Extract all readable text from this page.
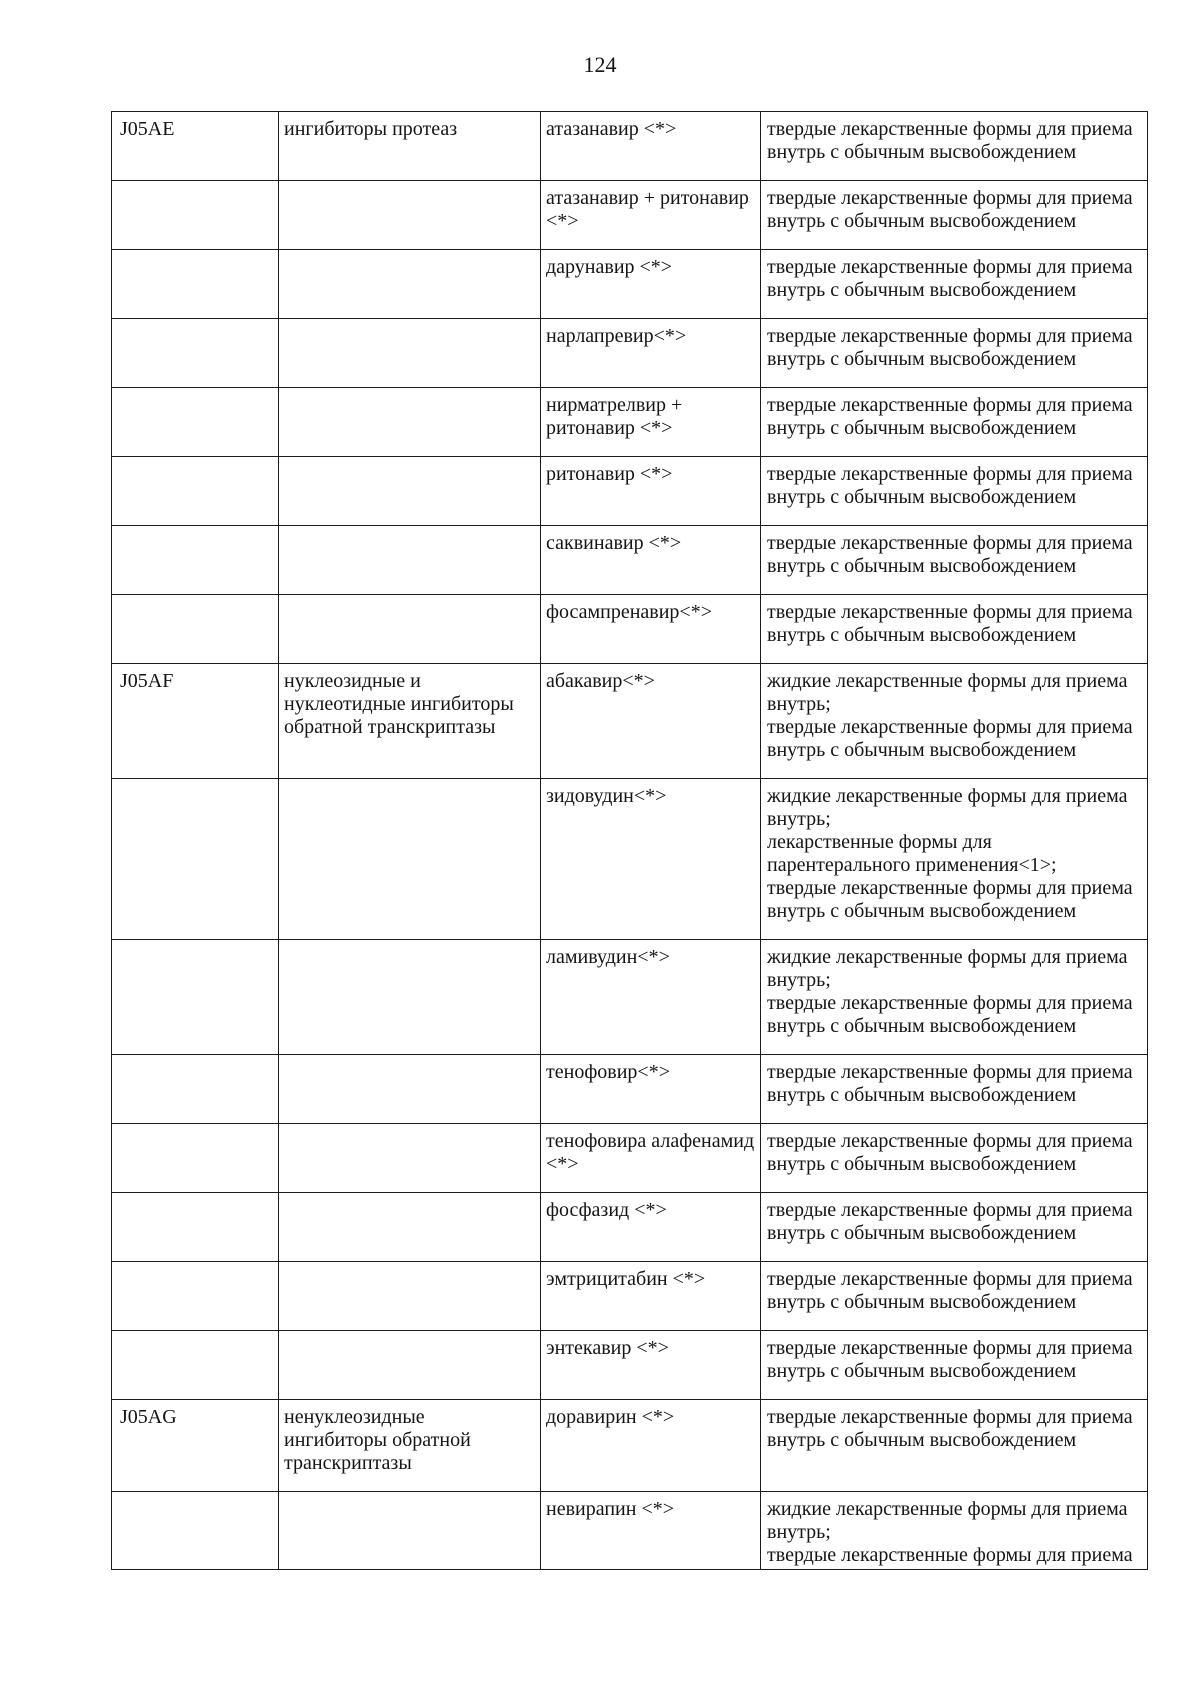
124
J05AE	ингибиторы протеаз	атазанавир <*>	твердые лекарственные формы для приема внутрь с обычным высвобождением

		атазанавир + ритонавир <*>	твердые лекарственные формы для приема внутрь с обычным высвобождением

		дарунавир <*>	твердые лекарственные формы для приема внутрь с обычным высвобождением

		нарлапревир<*>	твердые лекарственные формы для приема внутрь с обычным высвобождением

		нирматрелвир + ритонавир <*>	твердые лекарственные формы для приема внутрь с обычным высвобождением

		ритонавир <*>	твердые лекарственные формы для приема внутрь с обычным высвобождением

		саквинавир <*>	твердые лекарственные формы для приема внутрь с обычным высвобождением

		фосампренавир<*>	твердые лекарственные формы для приема внутрь с обычным высвобождением

J05AF	нуклеозидные и нуклеотидные ингибиторы обратной транскриптазы	абакавир<*>	жидкие лекарственные формы для приема внутрь;
твердые лекарственные формы для приема внутрь с обычным высвобождением

		зидовудин<*>	жидкие лекарственные формы для приема внутрь;
лекарственные формы для парентерального применения<1>;
твердые лекарственные формы для приема внутрь с обычным высвобождением

		ламивудин<*>	жидкие лекарственные формы для приема внутрь;
твердые лекарственные формы для приема внутрь с обычным высвобождением

		тенофовир<*>	твердые лекарственные формы для приема внутрь с обычным высвобождением

		тенофовира алафенамид <*>	твердые лекарственные формы для приема внутрь с обычным высвобождением

		фосфазид <*>	твердые лекарственные формы для приема внутрь с обычным высвобождением

		эмтрицитабин <*>	твердые лекарственные формы для приема внутрь с обычным высвобождением

		энтекавир <*>	твердые лекарственные формы для приема внутрь с обычным высвобождением

J05AG	ненуклеозидные ингибиторы обратной транскриптазы	доравирин <*>	твердые лекарственные формы для приема внутрь с обычным высвобождением

		невирапин <*>	жидкие лекарственные формы для приема внутрь;
твердые лекарственные формы для приема
